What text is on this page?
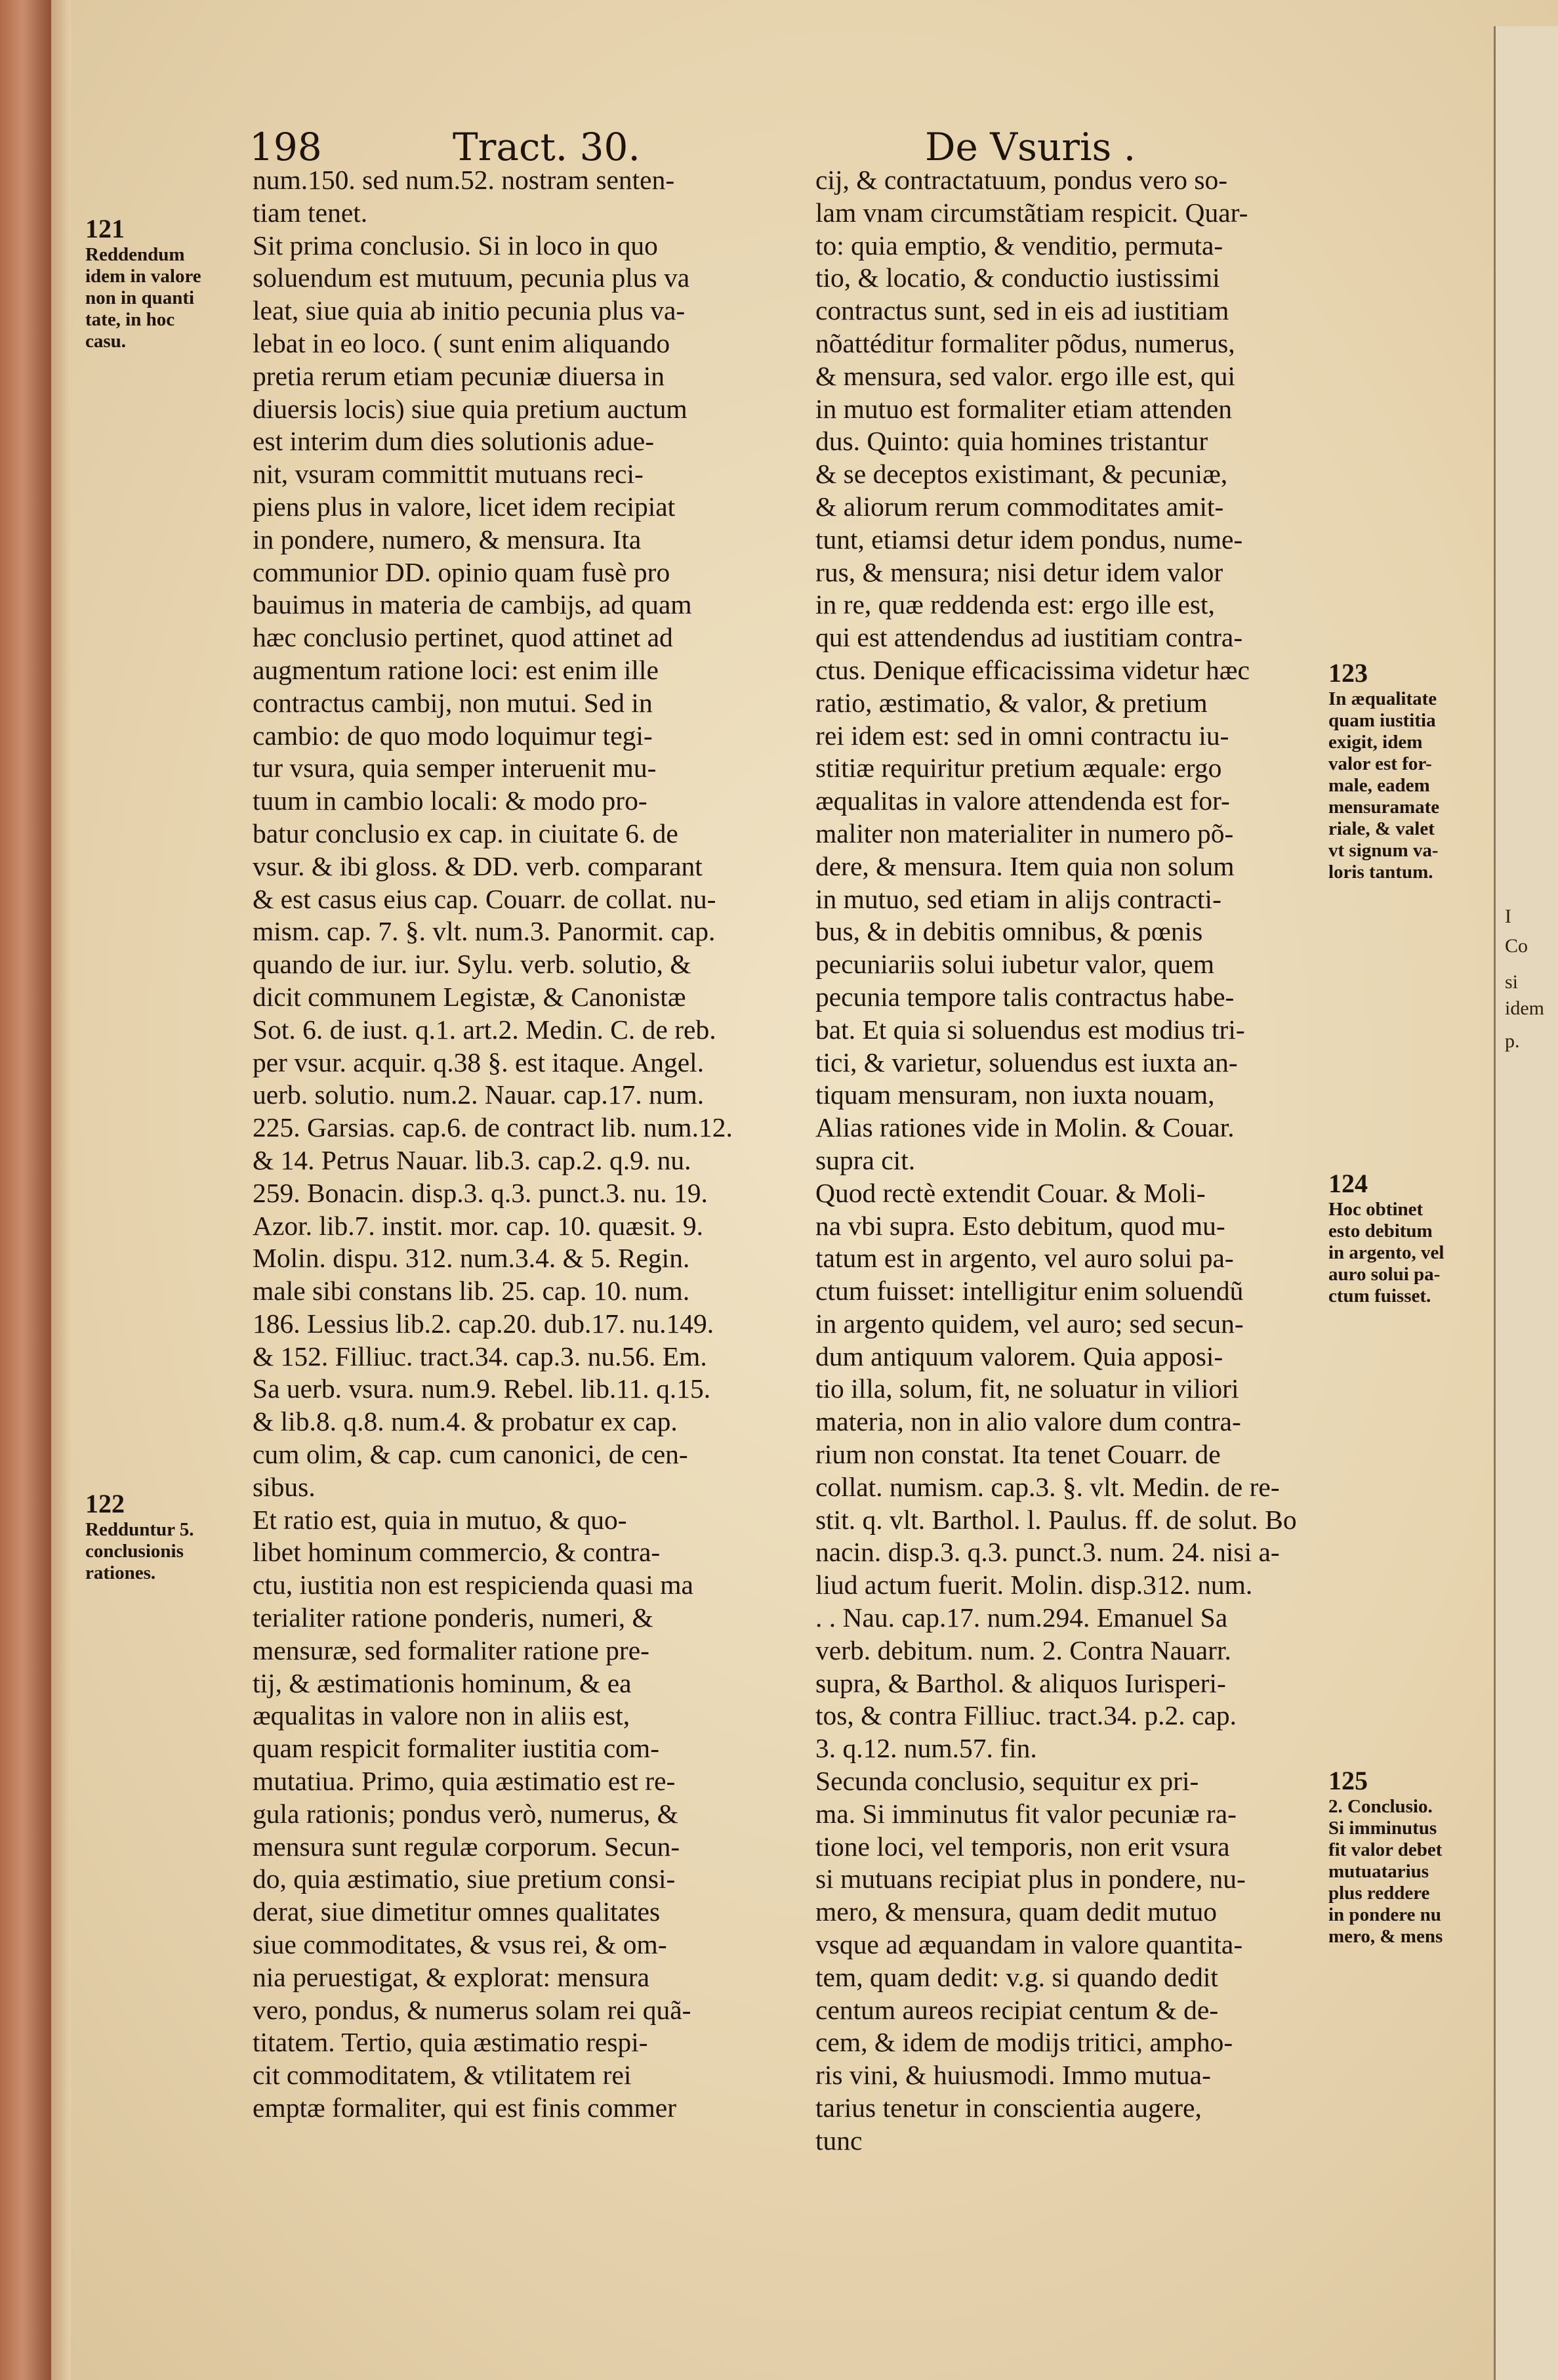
198	Tract. 30.	De Vsuris .
num.150. sed num.52. nostram senten-
tiam tenet.
Sit prima conclusio. Si in loco in quo
soluendum est mutuum, pecunia plus va
leat, siue quia ab initio pecunia plus va-
lebat in eo loco. ( sunt enim aliquando
pretia rerum etiam pecuniæ diuersa in
diuersis locis) siue quia pretium auctum
est interim dum dies solutionis adue-
nit, vsuram committit mutuans reci-
piens plus in valore, licet idem recipiat
in pondere, numero, & mensura. Ita
communior DD. opinio quam fusè pro
bauimus in materia de cambijs, ad quam
hæc conclusio pertinet, quod attinet ad
augmentum ratione loci: est enim ille
contractus cambij, non mutui. Sed in
cambio: de quo modo loquimur tegi-
tur vsura, quia semper interuenit mu-
tuum in cambio locali: & modo pro-
batur conclusio ex cap. in ciuitate 6. de
vsur. & ibi gloss. & DD. verb. comparant
& est casus eius cap. Couarr. de collat. nu-
mism. cap. 7. §. vlt. num.3. Panormit. cap.
quando de iur. iur. Sylu. verb. solutio, &
dicit communem Legistæ, & Canonistæ
Sot. 6. de iust. q.1. art.2. Medin. C. de reb.
per vsur. acquir. q.38 §. est itaque. Angel.
uerb. solutio. num.2. Nauar. cap.17. num.
225. Garsias. cap.6. de contract lib. num.12.
& 14. Petrus Nauar. lib.3. cap.2. q.9. nu.
259. Bonacin. disp.3. q.3. punct.3. nu. 19.
Azor. lib.7. instit. mor. cap. 10. quæsit. 9.
Molin. dispu. 312. num.3.4. & 5. Regin.
male sibi constans lib. 25. cap. 10. num.
186. Lessius lib.2. cap.20. dub.17. nu.149.
& 152. Filliuc. tract.34. cap.3. nu.56. Em.
Sa uerb. vsura. num.9. Rebel. lib.11. q.15.
& lib.8. q.8. num.4. & probatur ex cap.
cum olim, & cap. cum canonici, de cen-
sibus.
Et ratio est, quia in mutuo, & quo-
libet hominum commercio, & contra-
ctu, iustitia non est respicienda quasi ma
terialiter ratione ponderis, numeri, &
mensuræ, sed formaliter ratione pre-
tij, & æstimationis hominum, & ea
æqualitas in valore non in aliis est,
quam respicit formaliter iustitia com-
mutatiua. Primo, quia æstimatio est re-
gula rationis; pondus verò, numerus, &
mensura sunt regulæ corporum. Secun-
do, quia æstimatio, siue pretium consi-
derat, siue dimetitur omnes qualitates
siue commoditates, & vsus rei, & om-
nia peruestigat, & explorat: mensura
vero, pondus, & numerus solam rei quã-
titatem. Tertio, quia æstimatio respi-
cit commoditatem, & vtilitatem rei
emptæ formaliter, qui est finis commer
cij, & contractatuum, pondus vero so-
lam vnam circumstãtiam respicit. Quar-
to: quia emptio, & venditio, permuta-
tio, & locatio, & conductio iustissimi
contractus sunt, sed in eis ad iustitiam
nõattéditur formaliter põdus, numerus,
& mensura, sed valor. ergo ille est, qui
in mutuo est formaliter etiam attenden
dus. Quinto: quia homines tristantur
& se deceptos existimant, & pecuniæ,
& aliorum rerum commoditates amit-
tunt, etiamsi detur idem pondus, nume-
rus, & mensura; nisi detur idem valor
in re, quæ reddenda est: ergo ille est,
qui est attendendus ad iustitiam contra-
ctus. Denique efficacissima videtur hæc
ratio, æstimatio, & valor, & pretium
rei idem est: sed in omni contractu iu-
stitiæ requiritur pretium æquale: ergo
æqualitas in valore attendenda est for-
maliter non materialiter in numero põ-
dere, & mensura. Item quia non solum
in mutuo, sed etiam in alijs contracti-
bus, & in debitis omnibus, & pœnis
pecuniariis solui iubetur valor, quem
pecunia tempore talis contractus habe-
bat. Et quia si soluendus est modius tri-
tici, & varietur, soluendus est iuxta an-
tiquam mensuram, non iuxta nouam,
Alias rationes vide in Molin. & Couar.
supra cit.
Quod rectè extendit Couar. & Moli-
na vbi supra. Esto debitum, quod mu-
tatum est in argento, vel auro solui pa-
ctum fuisset: intelligitur enim soluendũ
in argento quidem, vel auro; sed secun-
dum antiquum valorem. Quia apposi-
tio illa, solum, fit, ne soluatur in viliori
materia, non in alio valore dum contra-
rium non constat. Ita tenet Couarr. de
collat. numism. cap.3. §. vlt. Medin. de re-
stit. q. vlt. Barthol. l. Paulus. ff. de solut. Bo
nacin. disp.3. q.3. punct.3. num. 24. nisi a-
liud actum fuerit. Molin. disp.312. num.
. . Nau. cap.17. num.294. Emanuel Sa
verb. debitum. num. 2. Contra Nauarr.
supra, & Barthol. & aliquos Iurisperi-
tos, & contra Filliuc. tract.34. p.2. cap.
3. q.12. num.57. fin.
Secunda conclusio, sequitur ex pri-
ma. Si imminutus fit valor pecuniæ ra-
tione loci, vel temporis, non erit vsura
si mutuans recipiat plus in pondere, nu-
mero, & mensura, quam dedit mutuo
vsque ad æquandam in valore quantita-
tem, quam dedit: v.g. si quando dedit
centum aureos recipiat centum & de-
cem, & idem de modijs tritici, ampho-
ris vini, & huiusmodi. Immo mutua-
tarius tenetur in conscientia augere,
tunc
121
Reddendum
idem in valore
non in quanti
tate, in hoc
casu.
122
Redduntur 5.
conclusionis
rationes.
123
In æqualitate
quam iustitia
exigit, idem
valor est for-
male, eadem
mensuramate
riale, & valet
vt signum va-
loris tantum.
124
Hoc obtinet
esto debitum
in argento, vel
auro solui pa-
ctum fuisset.
125
2. Conclusio.
Si imminutus
fit valor debet
mutuatarius
plus reddere
in pondere nu
mero, & mens
I
Co
si
idem
p.
